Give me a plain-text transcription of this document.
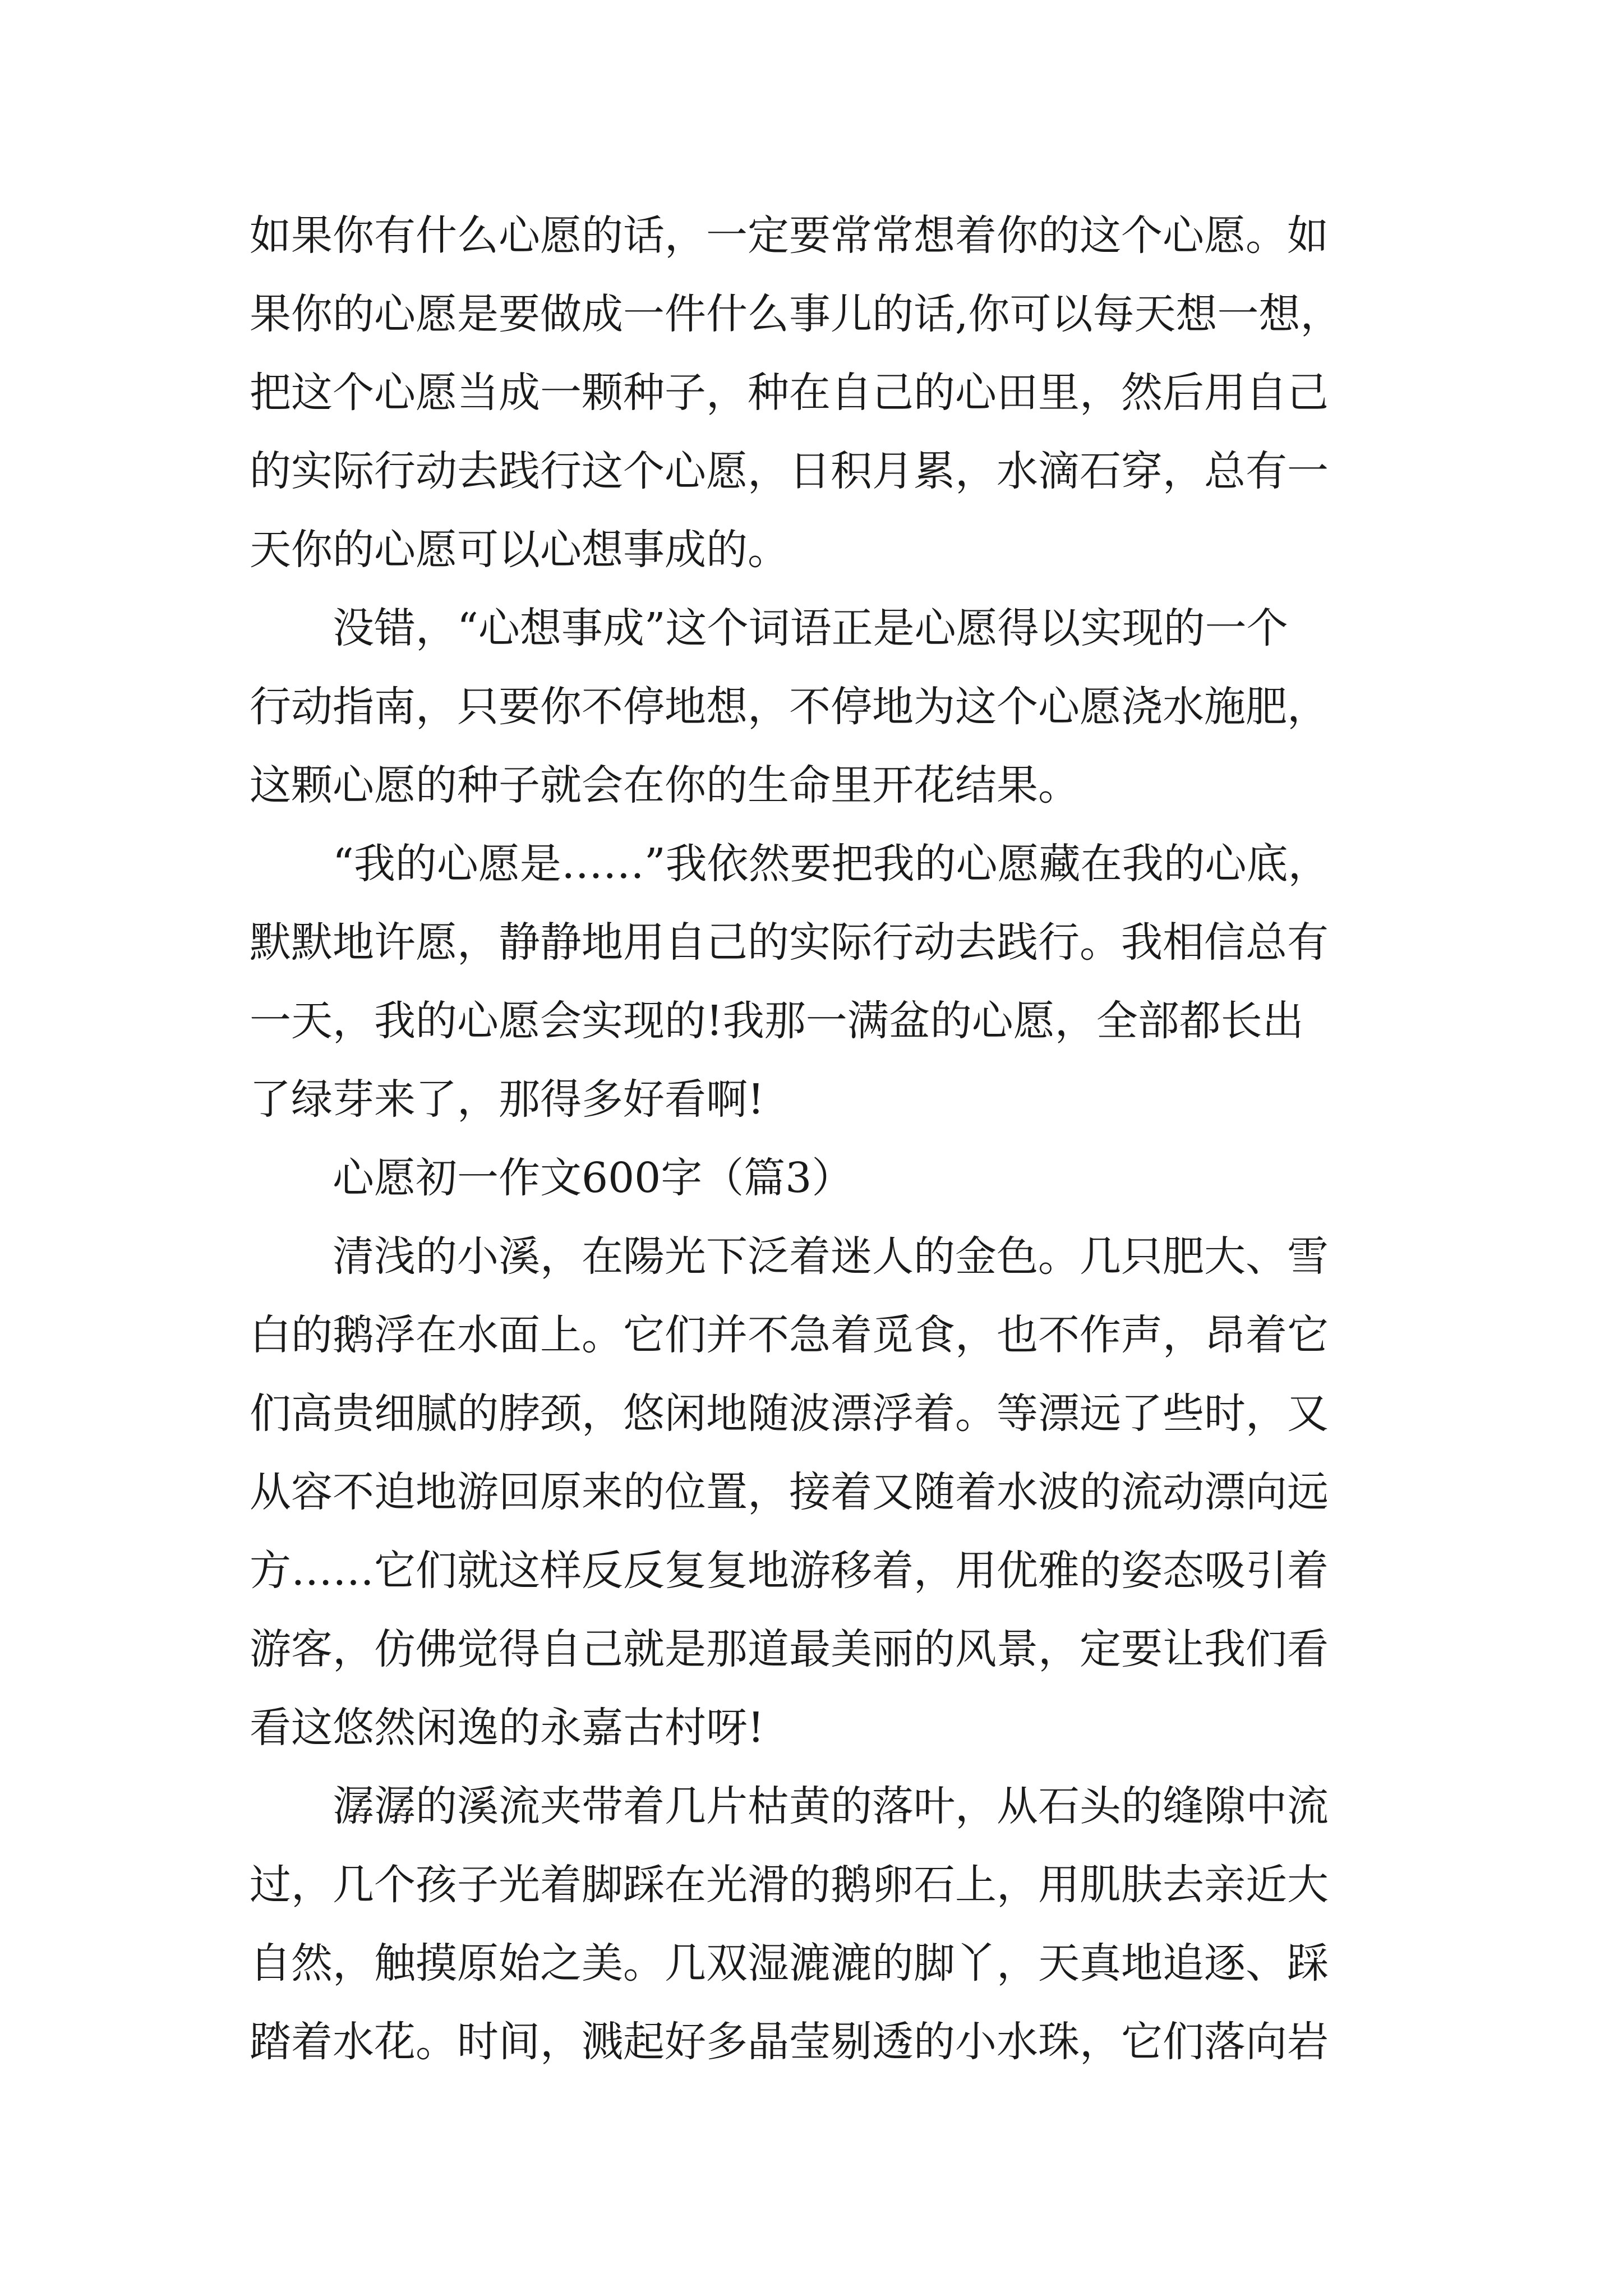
如果你有什么心愿的话，一定要常常想着你的这个心愿。如
果你的心愿是要做成一件什么事儿的话,你可以每天想一想，
把这个心愿当成一颗种子，种在自己的心田里，然后用自己
的实际行动去践行这个心愿，日积月累，水滴石穿，总有一
天你的心愿可以心想事成的。
没错，“心想事成”这个词语正是心愿得以实现的一个
行动指南，只要你不停地想，不停地为这个心愿浇水施肥，
这颗心愿的种子就会在你的生命里开花结果。
“我的心愿是……”我依然要把我的心愿藏在我的心底，
默默地许愿，静静地用自己的实际行动去践行。我相信总有
一天，我的心愿会实现的!我那一满盆的心愿，全部都长出
了绿芽来了，那得多好看啊!
心愿初一作文600字（篇3）
清浅的小溪，在陽光下泛着迷人的金色。几只肥大、雪
白的鹅浮在水面上。它们并不急着觅食，也不作声，昂着它
们高贵细腻的脖颈，悠闲地随波漂浮着。等漂远了些时，又
从容不迫地游回原来的位置，接着又随着水波的流动漂向远
方……它们就这样反反复复地游移着，用优雅的姿态吸引着
游客，仿佛觉得自己就是那道最美丽的风景，定要让我们看
看这悠然闲逸的永嘉古村呀!
潺潺的溪流夹带着几片枯黄的落叶，从石头的缝隙中流
过，几个孩子光着脚踩在光滑的鹅卵石上，用肌肤去亲近大
自然，触摸原始之美。几双湿漉漉的脚丫，天真地追逐、踩
踏着水花。时间，溅起好多晶莹剔透的小水珠，它们落向岩
